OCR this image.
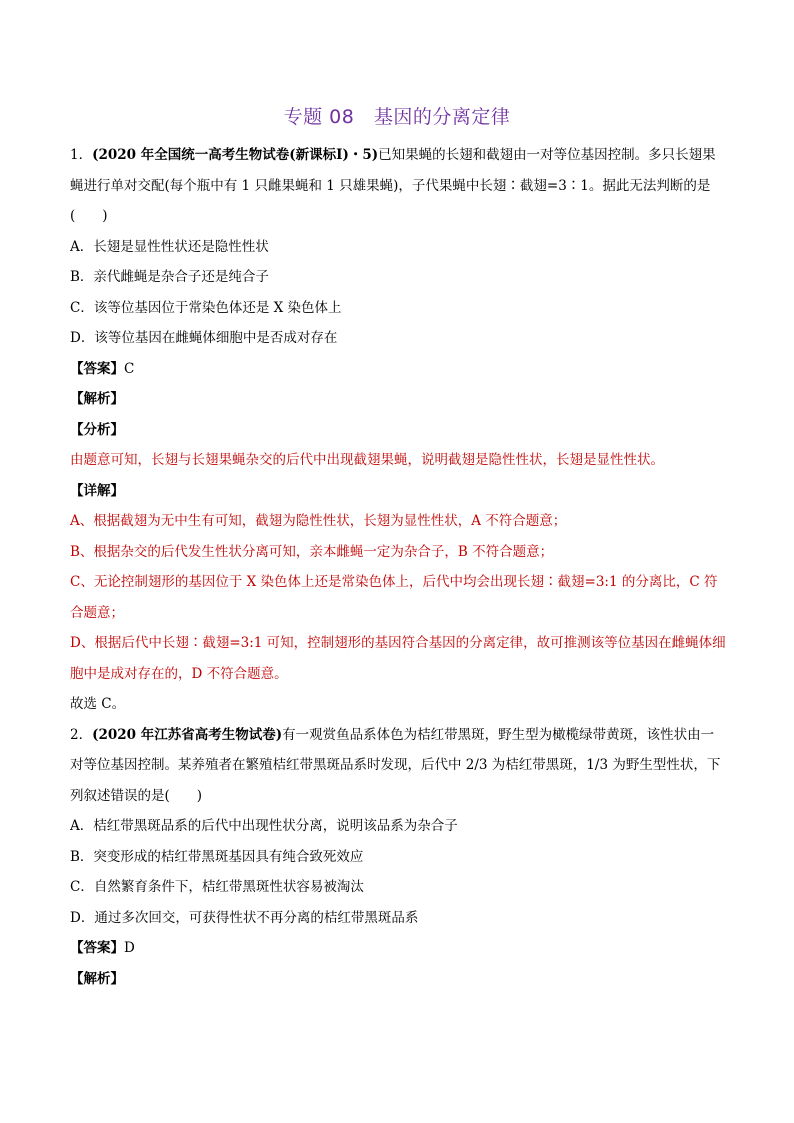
专题 08　基因的分离定律

1．(2020 年全国统一高考生物试卷(新课标Ⅰ)・5)已知果蝇的长翅和截翅由一对等位基因控制。多只长翅果蝇进行单对交配(每个瓶中有 1 只雌果蝇和 1 只雄果蝇)，子代果蝇中长翅∶截翅=3∶1。据此无法判断的是(　　)

A．长翅是显性性状还是隐性性状

B．亲代雌蝇是杂合子还是纯合子

C．该等位基因位于常染色体还是 X 染色体上

D．该等位基因在雌蝇体细胞中是否成对存在

【答案】C

【解析】

【分析】

由题意可知，长翅与长翅果蝇杂交的后代中出现截翅果蝇，说明截翅是隐性性状，长翅是显性性状。

【详解】

A、根据截翅为无中生有可知，截翅为隐性性状，长翅为显性性状，A 不符合题意；

B、根据杂交的后代发生性状分离可知，亲本雌蝇一定为杂合子，B 不符合题意；

C、无论控制翅形的基因位于 X 染色体上还是常染色体上，后代中均会出现长翅∶截翅=3:1 的分离比，C 符合题意；

D、根据后代中长翅∶截翅=3:1 可知，控制翅形的基因符合基因的分离定律，故可推测该等位基因在雌蝇体细胞中是成对存在的，D 不符合题意。

故选 C。

2．(2020 年江苏省高考生物试卷)有一观赏鱼品系体色为桔红带黑斑，野生型为橄榄绿带黄斑，该性状由一对等位基因控制。某养殖者在繁殖桔红带黑斑品系时发现，后代中 2/3 为桔红带黑斑，1/3 为野生型性状，下列叙述错误的是(　　)

A．桔红带黑斑品系的后代中出现性状分离，说明该品系为杂合子

B．突变形成的桔红带黑斑基因具有纯合致死效应

C．自然繁育条件下，桔红带黑斑性状容易被淘汰

D．通过多次回交，可获得性状不再分离的桔红带黑斑品系

【答案】D

【解析】
